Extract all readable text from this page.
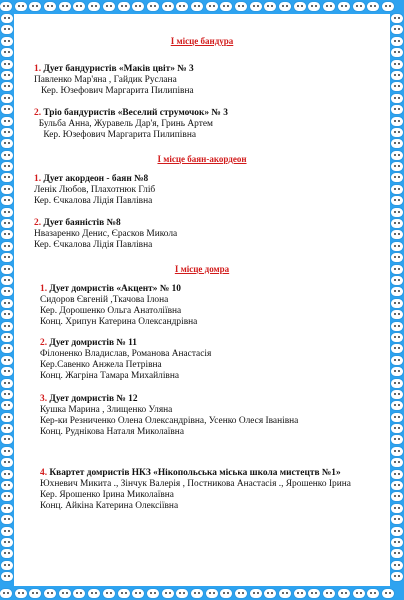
І місце бандура
1. Дует бандуристів «Маків цвіт» № 3
Павленко Мар'яна , Гайдик Руслана
Кер. Юзефович Маргарита Пилипівна
2. Тріо бандуристів «Веселий струмочок» № 3
Бульба Анна, Журавель Дар'я, Гринь Артем
Кер. Юзефович Маргарита Пилипівна
І місце баян-акордеон
1. Дует акордеон - баян №8
Ленік Любов, Плахотнюк Гліб
Кер. Єчкалова Лідія Павлівна
2. Дует баяністів №8
Нвазаренко Денис, Єрасков Микола
Кер. Єчкалова Лідія Павлівна
І місце домра
1. Дует домристів «Акцент» № 10
Сидоров Євгеній ,Ткачова Ілона
Кер. Дорошенко Ольга Анатоліївна
Конц. Хрипун Катерина Олександрівна
2. Дует домристів № 11
Філоненко Владислав, Романова Анастасія
Кер.Савенко Анжела Петрівна
Конц. Жагріна Тамара Михайлівна
3. Дует домристів № 12
Кушка Марина , Злищенко Уляна
Кер-ки Резниченко Олена Олександрівна, Усенко Олеся Іванівна
Конц. Руднікова Наталя Миколаївна
4. Квартет домристів НКЗ «Нікопольська міська школа мистецтв №1»
Юхневич Микита ., Зінчук Валерія , Постникова Анастасія ., Ярошенко Ірина
Кер. Ярошенко Ірина Миколаївна
Конц. Айкіна Катерина Олексіївна
